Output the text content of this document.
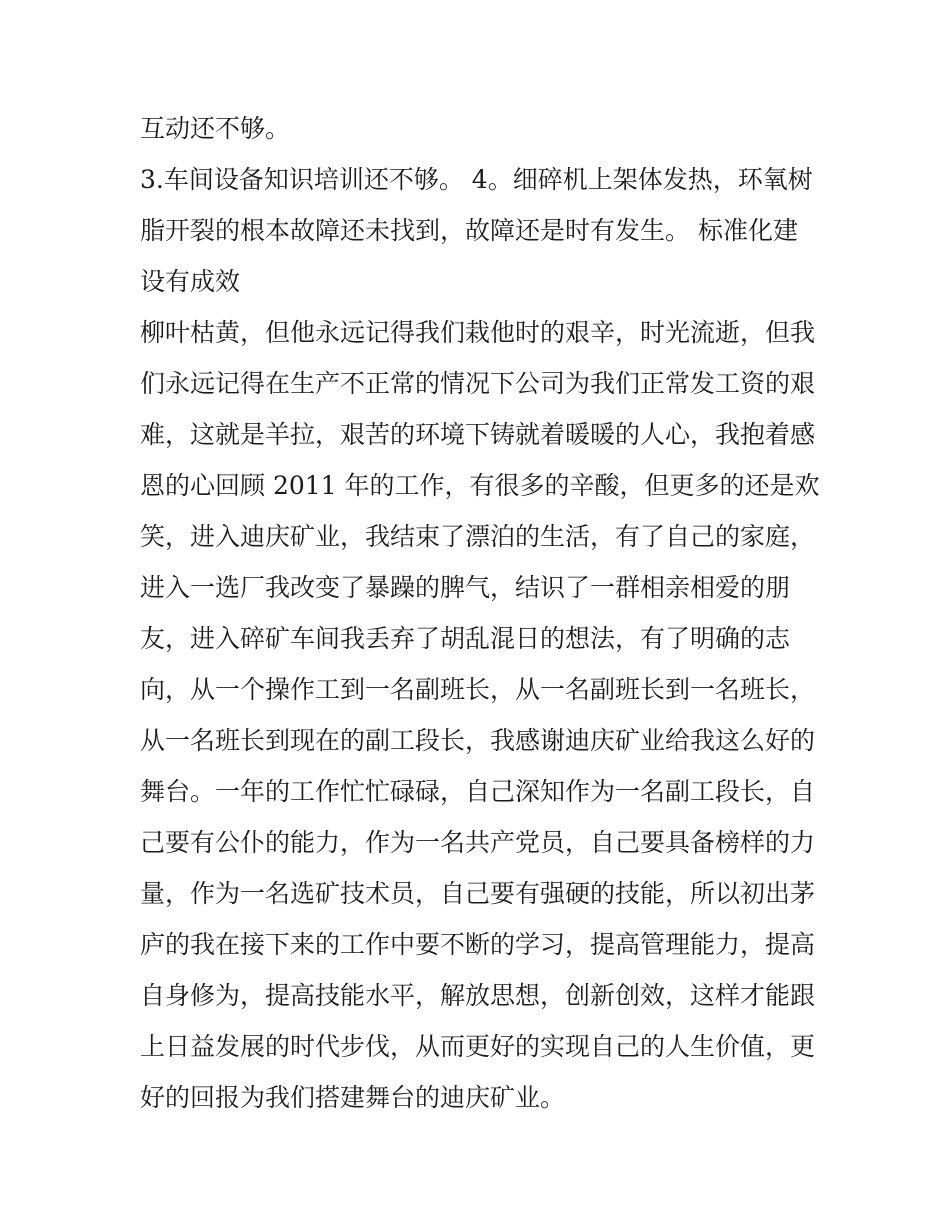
互动还不够。
3.车间设备知识培训还不够。 4。细碎机上架体发热，环氧树
脂开裂的根本故障还未找到，故障还是时有发生。 标准化建
设有成效
柳叶枯黄，但他永远记得我们栽他时的艰辛，时光流逝，但我
们永远记得在生产不正常的情况下公司为我们正常发工资的艰
难，这就是羊拉，艰苦的环境下铸就着暖暖的人心，我抱着感
恩的心回顾 2011 年的工作，有很多的辛酸，但更多的还是欢
笑，进入迪庆矿业，我结束了漂泊的生活，有了自己的家庭，
进入一选厂我改变了暴躁的脾气，结识了一群相亲相爱的朋
友，进入碎矿车间我丢弃了胡乱混日的想法，有了明确的志
向，从一个操作工到一名副班长，从一名副班长到一名班长，
从一名班长到现在的副工段长，我感谢迪庆矿业给我这么好的
舞台。一年的工作忙忙碌碌，自己深知作为一名副工段长，自
己要有公仆的能力，作为一名共产党员，自己要具备榜样的力
量，作为一名选矿技术员，自己要有强硬的技能，所以初出茅
庐的我在接下来的工作中要不断的学习，提高管理能力，提高
自身修为，提高技能水平，解放思想，创新创效，这样才能跟
上日益发展的时代步伐，从而更好的实现自己的人生价值，更
好的回报为我们搭建舞台的迪庆矿业。
